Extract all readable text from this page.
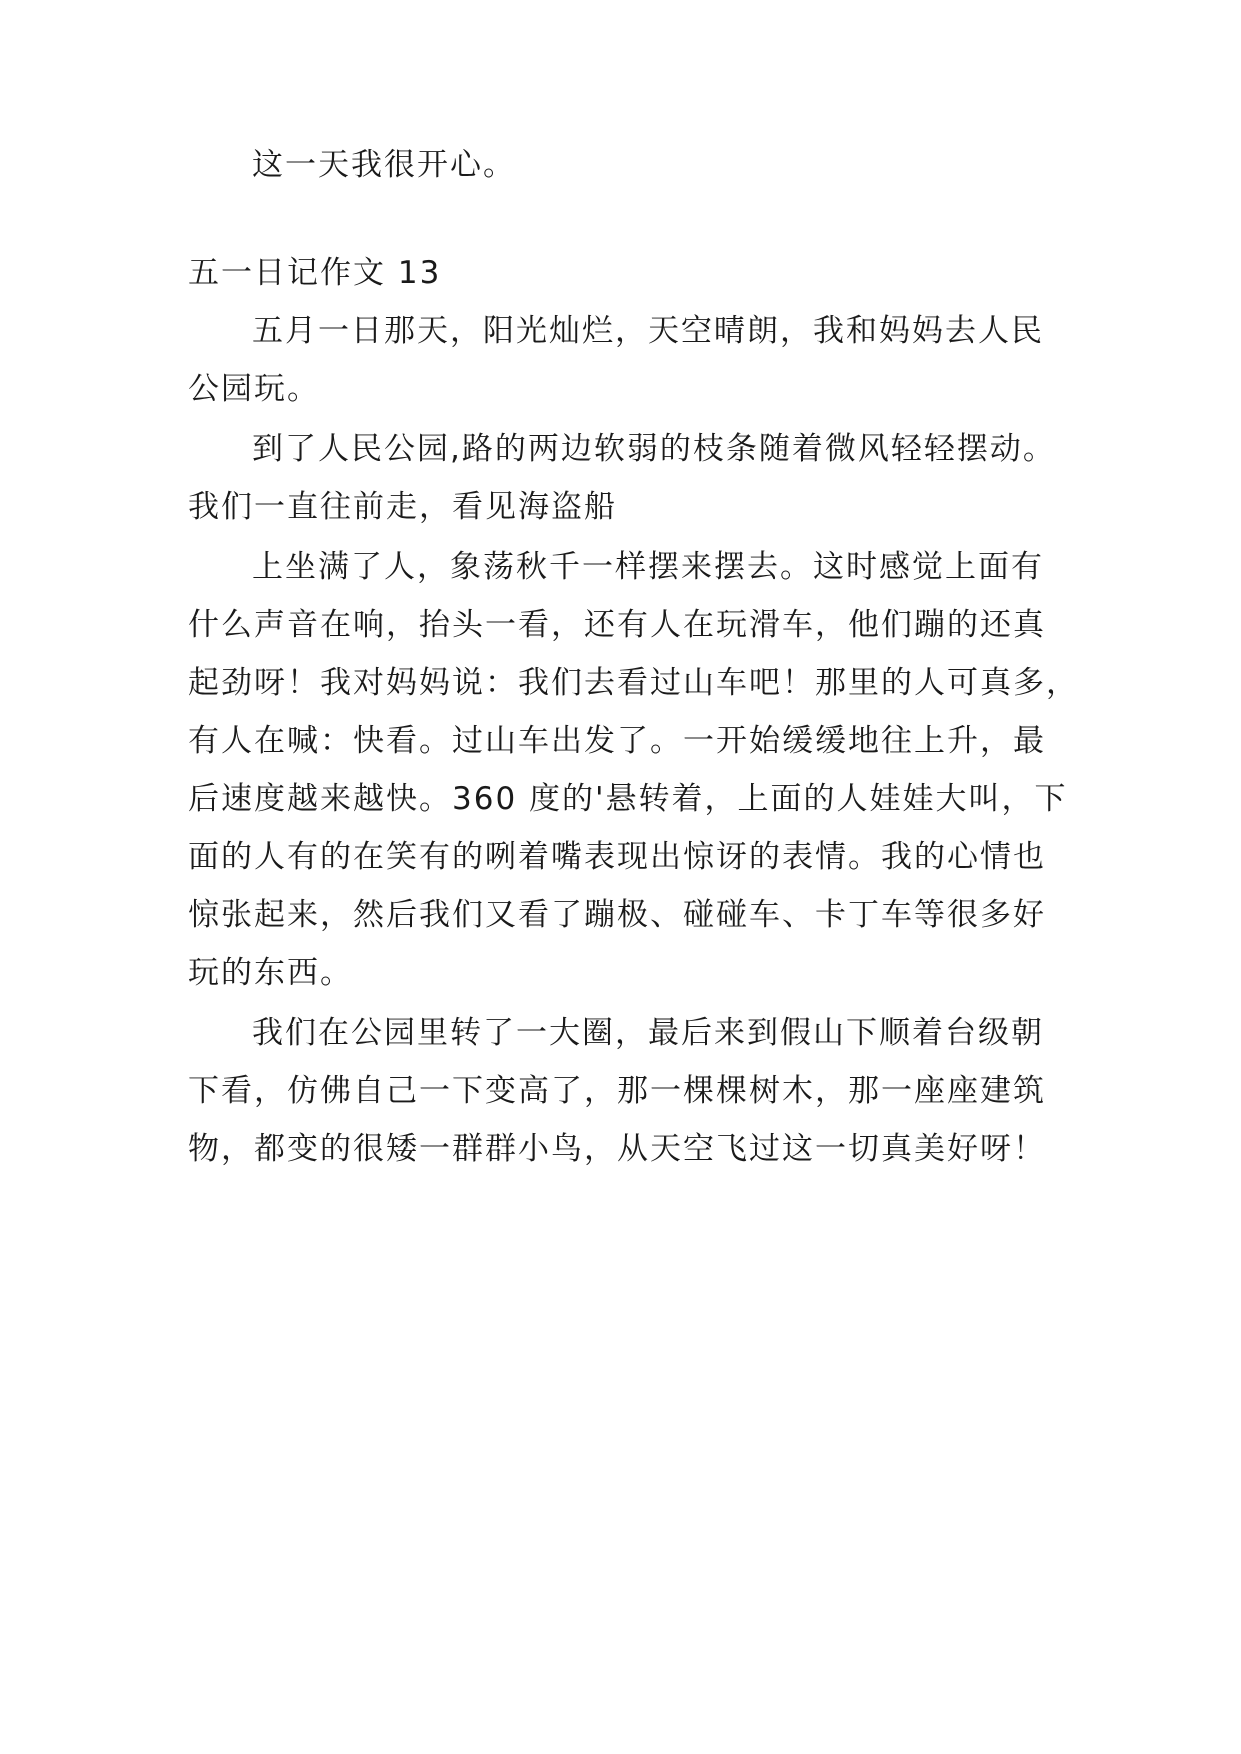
这一天我很开心。
五一日记作文 13
五月一日那天，阳光灿烂，天空晴朗，我和妈妈去人民
公园玩。
到了人民公园,路的两边软弱的枝条随着微风轻轻摆动。
我们一直往前走，看见海盗船
上坐满了人，象荡秋千一样摆来摆去。这时感觉上面有
什么声音在响，抬头一看，还有人在玩滑车，他们蹦的还真
起劲呀！我对妈妈说：我们去看过山车吧！那里的人可真多，
有人在喊：快看。过山车出发了。一开始缓缓地往上升，最
后速度越来越快。360 度的'悬转着，上面的人娃娃大叫，下
面的人有的在笑有的咧着嘴表现出惊讶的表情。我的心情也
惊张起来，然后我们又看了蹦极、碰碰车、卡丁车等很多好
玩的东西。
我们在公园里转了一大圈，最后来到假山下顺着台级朝
下看，仿佛自己一下变高了，那一棵棵树木，那一座座建筑
物，都变的很矮一群群小鸟，从天空飞过这一切真美好呀！
